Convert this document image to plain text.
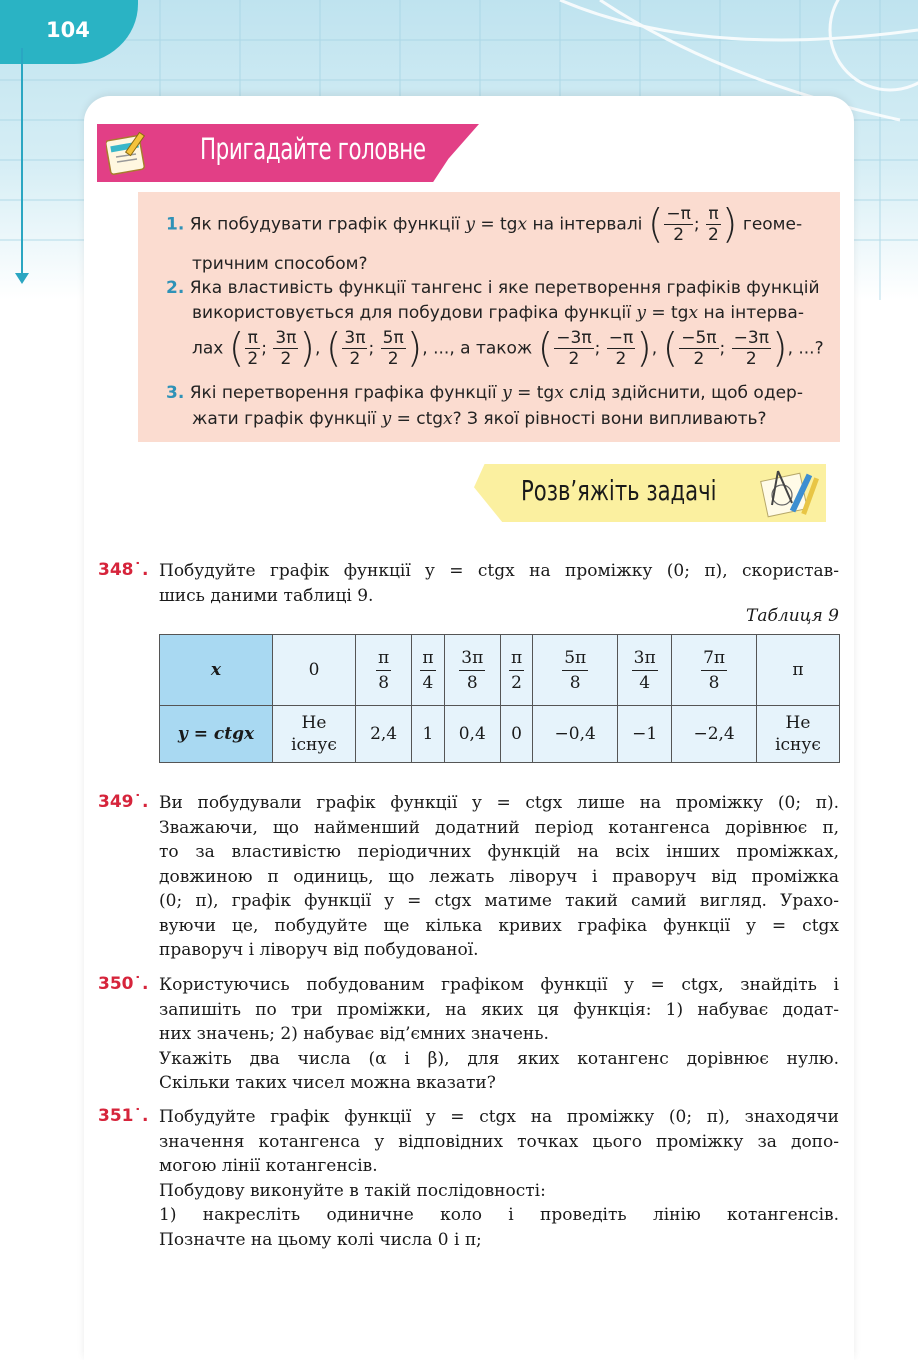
104
Пригадайте головне
1. Як побудувати графік функції y = tgx на інтервалі ( $\frac{-\pi}{2}$ ; $\frac{\pi}{2}$ ) геоме-
тричним способом?
2. Яка властивість функції тангенс і яке перетворення графіків функцій
використовується для побудови графіка функції y = tgx на інтерва-
лах ( $\frac{\pi}{2}$ ; $\frac{3\pi}{2}$ ), ( $\frac{3\pi}{2}$ ; $\frac{5\pi}{2}$ ), ..., а також ( $\frac{-3\pi}{2}$ ; $\frac{-\pi}{2}$ ), ( $\frac{-5\pi}{2}$ ; $\frac{-3\pi}{2}$ ), ...?
3. Які перетворення графіка функції y = tgx слід здійснити, щоб одер-
жати графік функції y = ctgx? З якої рівності вони випливають?
Розв’яжіть задачі
348˙. Побудуйте графік функції y = ctgx на проміжку (0; π), скористав-
шись даними таблиці 9.
Таблиця 9
x	0	$\frac{\pi}{8}$	$\frac{\pi}{4}$	$\frac{3\pi}{8}$	$\frac{\pi}{2}$	$\frac{5\pi}{8}$	$\frac{3\pi}{4}$	$\frac{7\pi}{8}$	π
y = ctgx	Не
існує	2,4	1	0,4	0	−0,4	−1	−2,4	Не
існує
349˙. Ви побудували графік функції y = ctgx лише на проміжку (0; π).
Зважаючи, що найменший додатний період котангенса дорівнює π,
то за властивістю періодичних функцій на всіх інших проміжках,
довжиною π одиниць, що лежать ліворуч і праворуч від проміжка
(0; π), графік функції y = ctgx матиме такий самий вигляд. Урахо-
вуючи це, побудуйте ще кілька кривих графіка функції y = ctgx
праворуч і ліворуч від побудованої.
350˙. Користуючись побудованим графіком функції y = ctgx, знайдіть і
запишіть по три проміжки, на яких ця функція: 1) набуває додат-
них значень; 2) набуває від’ємних значень.
Укажіть два числа (α і β), для яких котангенс дорівнює нулю.
Скільки таких чисел можна вказати?
351˙. Побудуйте графік функції y = ctgx на проміжку (0; π), знаходячи
значення котангенса у відповідних точках цього проміжку за допо-
могою лінії котангенсів.
Побудову виконуйте в такій послідовності:
1) накресліть одиничне коло і проведіть лінію котангенсів.
Позначте на цьому колі числа 0 і π;
